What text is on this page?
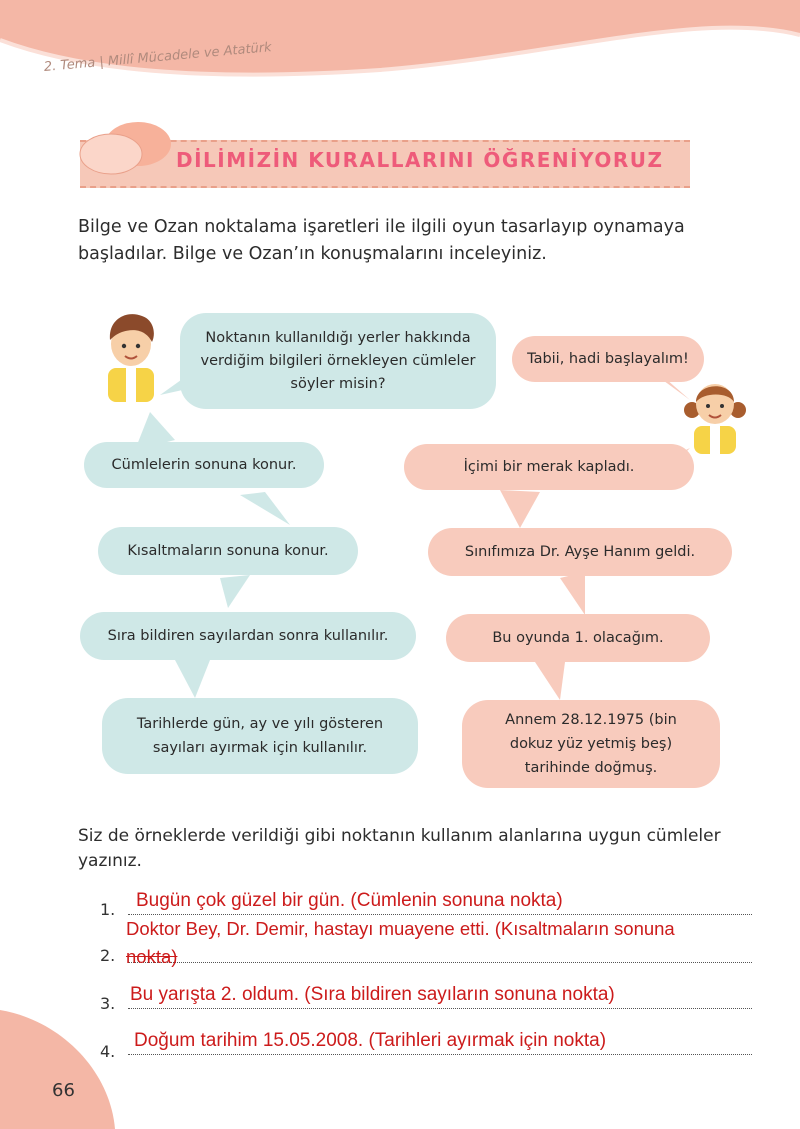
2. Tema | Millî Mücadele ve Atatürk
DİLİMİZİN KURALLARINI ÖĞRENİYORUZ
Bilge ve Ozan noktalama işaretleri ile ilgili oyun tasarlayıp oynamaya başladılar. Bilge ve Ozan’ın konuşmalarını inceleyiniz.
Noktanın kullanıldığı yerler hakkında verdiğim bilgileri örnekleyen cümleler söyler misin?
Cümlelerin sonuna konur.
Kısaltmaların sonuna konur.
Sıra bildiren sayılardan sonra kullanılır.
Tarihlerde gün, ay ve yılı gösteren sayıları ayırmak için kullanılır.
Tabii, hadi başlayalım!
İçimi bir merak kapladı.
Sınıfımıza Dr. Ayşe Hanım geldi.
Bu oyunda 1. olacağım.
Annem 28.12.1975 (bin dokuz yüz yetmiş beş) tarihinde doğmuş.
Siz de örneklerde verildiği gibi noktanın kullanım alanlarına uygun cümleler yazınız.
1. Bugün çok güzel bir gün. (Cümlenin sonuna nokta)
2.
Doktor Bey, Dr. Demir, hastayı muayene etti. (Kısaltmaların sonuna
nokta)
3. Bu yarışta 2. oldum. (Sıra bildiren sayıların sonuna nokta)
4.
Doğum tarihim 15.05.2008. (Tarihleri ayırmak için nokta)
66
